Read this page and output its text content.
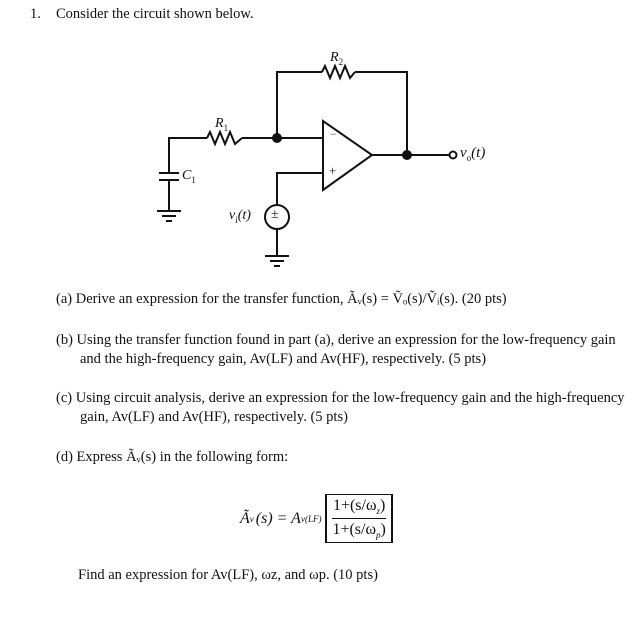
1. Consider the circuit shown below.
$R_2$
$R_1$
$C_1$
$v_i(t)$
$v_o(t)$
−
+
±
(a) Derive an expression for the transfer function, Ãᵥ(s) = Ṽₒ(s)/Ṽᵢ(s). (20 pts)
(b) Using the transfer function found in part (a), derive an expression for the low-frequency gain and the high-frequency gain, Av(LF) and Av(HF), respectively. (5 pts)
(c) Using circuit analysis, derive an expression for the low-frequency gain and the high-frequency gain, Av(LF) and Av(HF), respectively. (5 pts)
(d) Express Ãᵥ(s) in the following form:
Ã v (s) = A v(LF)
$1+(s/\omega_z)$
$1+(s/\omega_p)$
Find an expression for Av(LF), ωz, and ωp. (10 pts)
